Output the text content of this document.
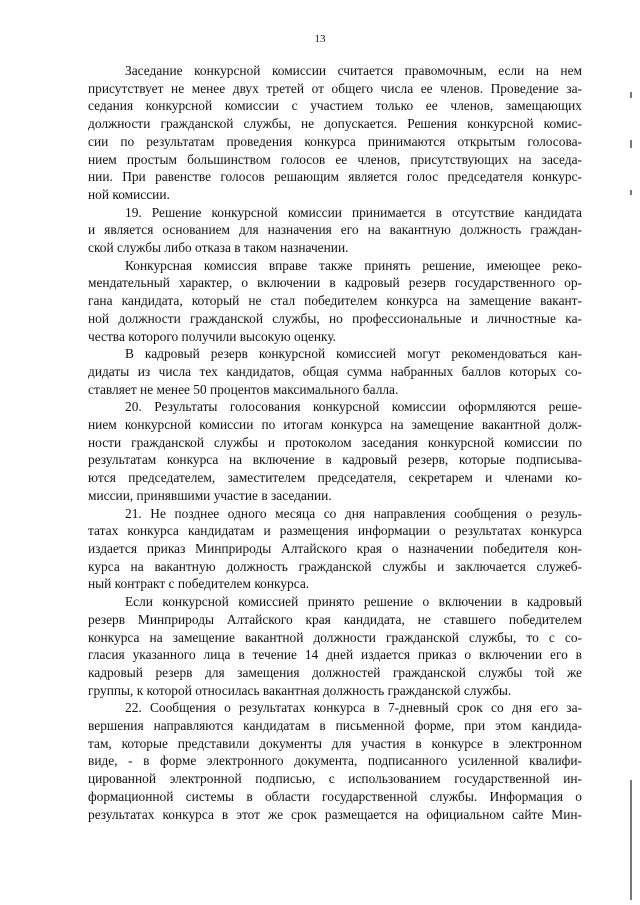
13
Заседание конкурсной комиссии считается правомочным, если на нем
присутствует не менее двух третей от общего числа ее членов. Проведение за-
седания конкурсной комиссии с участием только ее членов, замещающих
должности гражданской службы, не допускается. Решения конкурсной комис-
сии по результатам проведения конкурса принимаются открытым голосова-
нием простым большинством голосов ее членов, присутствующих на заседа-
нии. При равенстве голосов решающим является голос председателя конкурс-
ной комиссии.
19. Решение конкурсной комиссии принимается в отсутствие кандидата
и является основанием для назначения его на вакантную должность граждан-
ской службы либо отказа в таком назначении.
Конкурсная комиссия вправе также принять решение, имеющее реко-
мендательный характер, о включении в кадровый резерв государственного ор-
гана кандидата, который не стал победителем конкурса на замещение вакант-
ной должности гражданской службы, но профессиональные и личностные ка-
чества которого получили высокую оценку.
В кадровый резерв конкурсной комиссией могут рекомендоваться кан-
дидаты из числа тех кандидатов, общая сумма набранных баллов которых со-
ставляет не менее 50 процентов максимального балла.
20. Результаты голосования конкурсной комиссии оформляются реше-
нием конкурсной комиссии по итогам конкурса на замещение вакантной долж-
ности гражданской службы и протоколом заседания конкурсной комиссии по
результатам конкурса на включение в кадровый резерв, которые подписыва-
ются председателем, заместителем председателя, секретарем и членами ко-
миссии, принявшими участие в заседании.
21. Не позднее одного месяца со дня направления сообщения о резуль-
татах конкурса кандидатам и размещения информации о результатах конкурса
издается приказ Минприроды Алтайского края о назначении победителя кон-
курса на вакантную должность гражданской службы и заключается служеб-
ный контракт с победителем конкурса.
Если конкурсной комиссией принято решение о включении в кадровый
резерв Минприроды Алтайского края кандидата, не ставшего победителем
конкурса на замещение вакантной должности гражданской службы, то с со-
гласия указанного лица в течение 14 дней издается приказ о включении его в
кадровый резерв для замещения должностей гражданской службы той же
группы, к которой относилась вакантная должность гражданской службы.
22. Сообщения о результатах конкурса в 7-дневный срок со дня его за-
вершения направляются кандидатам в письменной форме, при этом кандида-
там, которые представили документы для участия в конкурсе в электронном
виде, - в форме электронного документа, подписанного усиленной квалифи-
цированной электронной подписью, с использованием государственной ин-
формационной системы в области государственной службы. Информация о
результатах конкурса в этот же срок размещается на официальном сайте Мин-
